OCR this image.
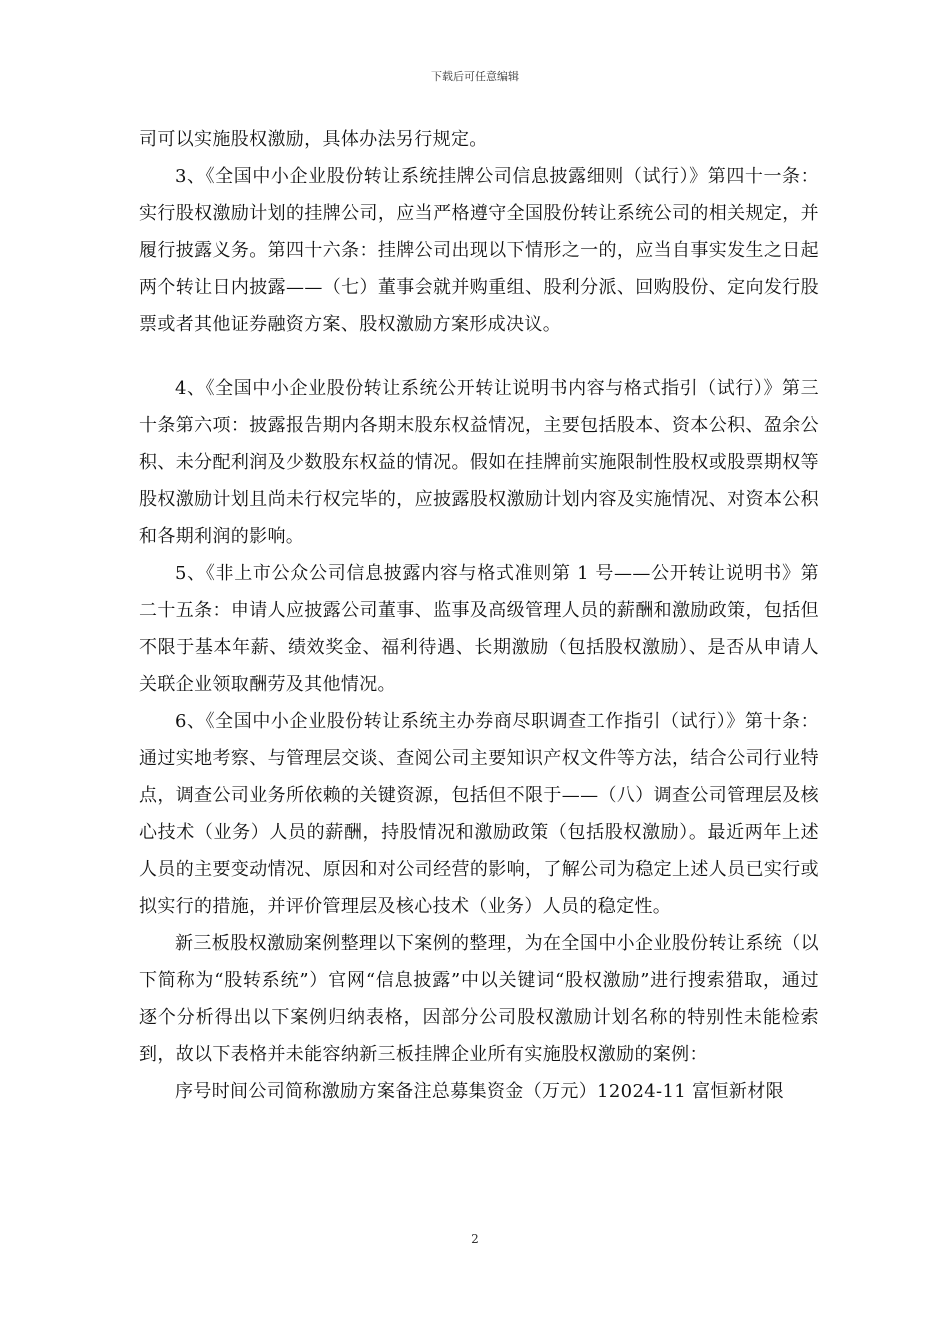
下载后可任意编辑

司可以实施股权激励，具体办法另行规定。

3、《全国中小企业股份转让系统挂牌公司信息披露细则（试行）》第四十一条：实行股权激励计划的挂牌公司，应当严格遵守全国股份转让系统公司的相关规定，并履行披露义务。第四十六条：挂牌公司出现以下情形之一的，应当自事实发生之日起两个转让日内披露——（七）董事会就并购重组、股利分派、回购股份、定向发行股票或者其他证券融资方案、股权激励方案形成决议。

4、《全国中小企业股份转让系统公开转让说明书内容与格式指引（试行）》第三十条第六项：披露报告期内各期末股东权益情况，主要包括股本、资本公积、盈余公积、未分配利润及少数股东权益的情况。假如在挂牌前实施限制性股权或股票期权等股权激励计划且尚未行权完毕的，应披露股权激励计划内容及实施情况、对资本公积和各期利润的影响。

5、《非上市公众公司信息披露内容与格式准则第 1 号——公开转让说明书》第二十五条：申请人应披露公司董事、监事及高级管理人员的薪酬和激励政策，包括但不限于基本年薪、绩效奖金、福利待遇、长期激励（包括股权激励）、是否从申请人关联企业领取酬劳及其他情况。

6、《全国中小企业股份转让系统主办券商尽职调查工作指引（试行）》第十条：通过实地考察、与管理层交谈、查阅公司主要知识产权文件等方法，结合公司行业特点，调查公司业务所依赖的关键资源，包括但不限于——（八）调查公司管理层及核心技术（业务）人员的薪酬，持股情况和激励政策（包括股权激励）。最近两年上述人员的主要变动情况、原因和对公司经营的影响，了解公司为稳定上述人员已实行或拟实行的措施，并评价管理层及核心技术（业务）人员的稳定性。

新三板股权激励案例整理以下案例的整理，为在全国中小企业股份转让系统（以下简称为“股转系统”）官网“信息披露”中以关键词“股权激励”进行搜索猎取，通过逐个分析得出以下案例归纳表格，因部分公司股权激励计划名称的特别性未能检索到，故以下表格并未能容纳新三板挂牌企业所有实施股权激励的案例：

序号时间公司简称激励方案备注总募集资金（万元）12024-11 富恒新材限

2
